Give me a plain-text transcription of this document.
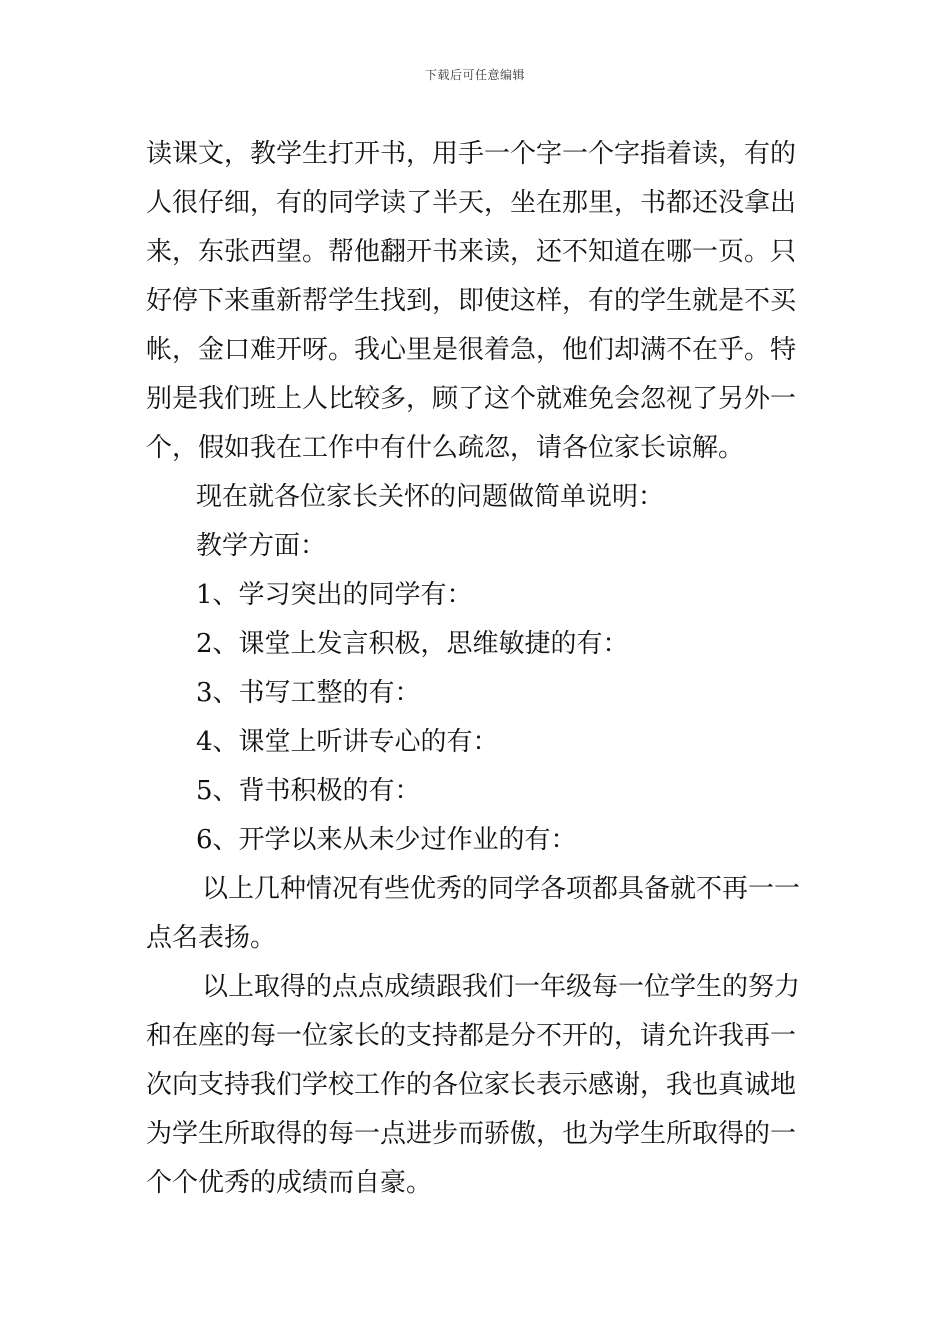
下载后可任意编辑
读课文，教学生打开书，用手一个字一个字指着读，有的
人很仔细，有的同学读了半天，坐在那里，书都还没拿出
来，东张西望。帮他翻开书来读，还不知道在哪一页。只
好停下来重新帮学生找到，即使这样，有的学生就是不买
帐，金口难开呀。我心里是很着急，他们却满不在乎。特
别是我们班上人比较多，顾了这个就难免会忽视了另外一
个，假如我在工作中有什么疏忽，请各位家长谅解。
现在就各位家长关怀的问题做简单说明：
教学方面：
1、学习突出的同学有：
2、课堂上发言积极，思维敏捷的有：
3、书写工整的有：
4、课堂上听讲专心的有：
5、背书积极的有：
6、开学以来从未少过作业的有：
以上几种情况有些优秀的同学各项都具备就不再一一
点名表扬。
以上取得的点点成绩跟我们一年级每一位学生的努力
和在座的每一位家长的支持都是分不开的，请允许我再一
次向支持我们学校工作的各位家长表示感谢，我也真诚地
为学生所取得的每一点进步而骄傲，也为学生所取得的一
个个优秀的成绩而自豪。
